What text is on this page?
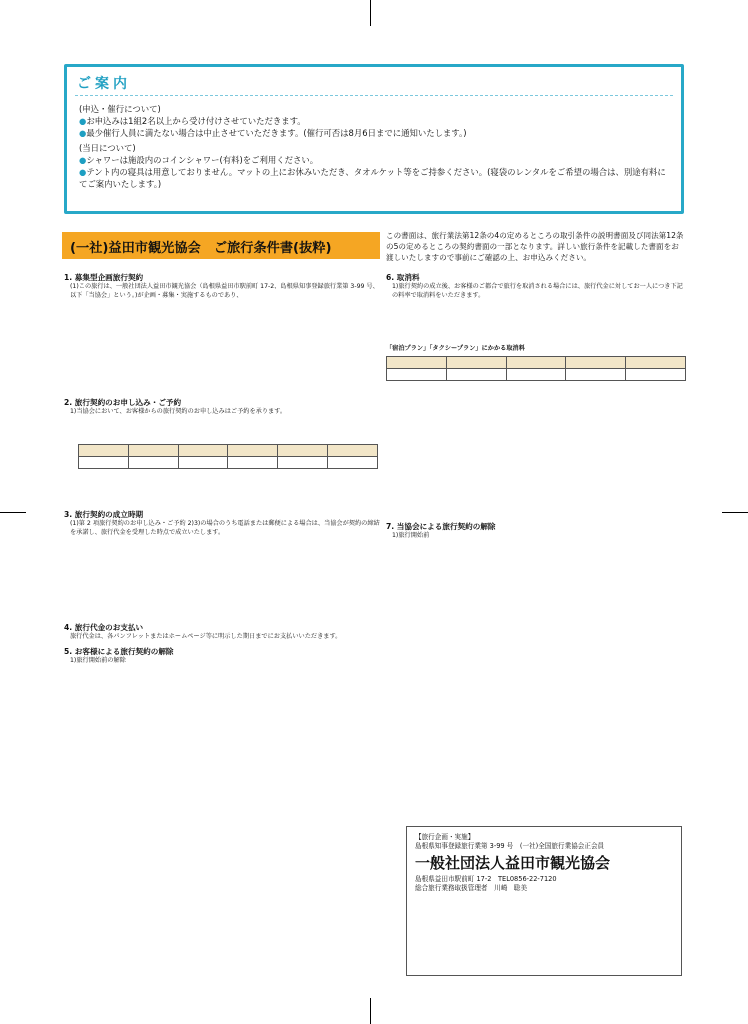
ご案内
(申込・催行について)
●お申込みは1組2名以上から受け付けさせていただきます。
●最少催行人員に満たない場合は中止させていただきます。(催行可否は8月6日までに通知いたします。)
(当日について)
●シャワーは施設内のコインシャワー(有料)をご利用ください。
●テント内の寝具は用意しておりません。マットの上にお休みいただき、タオルケット等をご持参ください。(寝袋のレンタルをご希望の場合は、別途有料にてご案内いたします。)
(一社)益田市観光協会　ご旅行条件書(抜粋)
この書面は、旅行業法第12条の4の定めるところの取引条件の説明書面及び同法第12条の5の定めるところの契約書面の一部となります。詳しい旅行条件を記載した書面をお渡しいたしますので事前にご確認の上、お申込みください。
1. 募集型企画旅行契約
(1)この旅行は、一般社団法人益田市観光協会（島根県益田市駅前町 17-2、島根県知事登録旅行業第 3-99 号、以下「当協会」という。)が企画・募集・実施するものであり、
2. 旅行契約のお申し込み・ご予約
1)当協会において、お客様からの旅行契約のお申し込みはご予約を承ります。

3. 旅行契約の成立時期
(1)第 2 項旅行契約のお申し込み・ご予約 2)3)の場合のうち電話または郵便による場合は、当協会が契約の締結を承諾し、旅行代金を受理した時点で成立いたします。
4. 旅行代金のお支払い
旅行代金は、各パンフレットまたはホームページ等に明示した期日までにお支払いいただきます。
5. お客様による旅行契約の解除
1)旅行開始前の解除
6. 取消料
1)旅行契約の成立後、お客様のご都合で旅行を取消される場合には、旅行代金に対してお一人につき下記の料率で取消料をいただきます。
「宿泊プラン」「タクシープラン」にかかる取消料

7. 当協会による旅行契約の解除
1)旅行開始前
【旅行企画・実施】
島根県知事登録旅行業第 3-99 号　(一社)全国旅行業協会正会員
一般社団法人益田市観光協会
島根県益田市駅前町 17-2　TEL0856-22-7120
総合旅行業務取扱管理者　川崎　聡美
